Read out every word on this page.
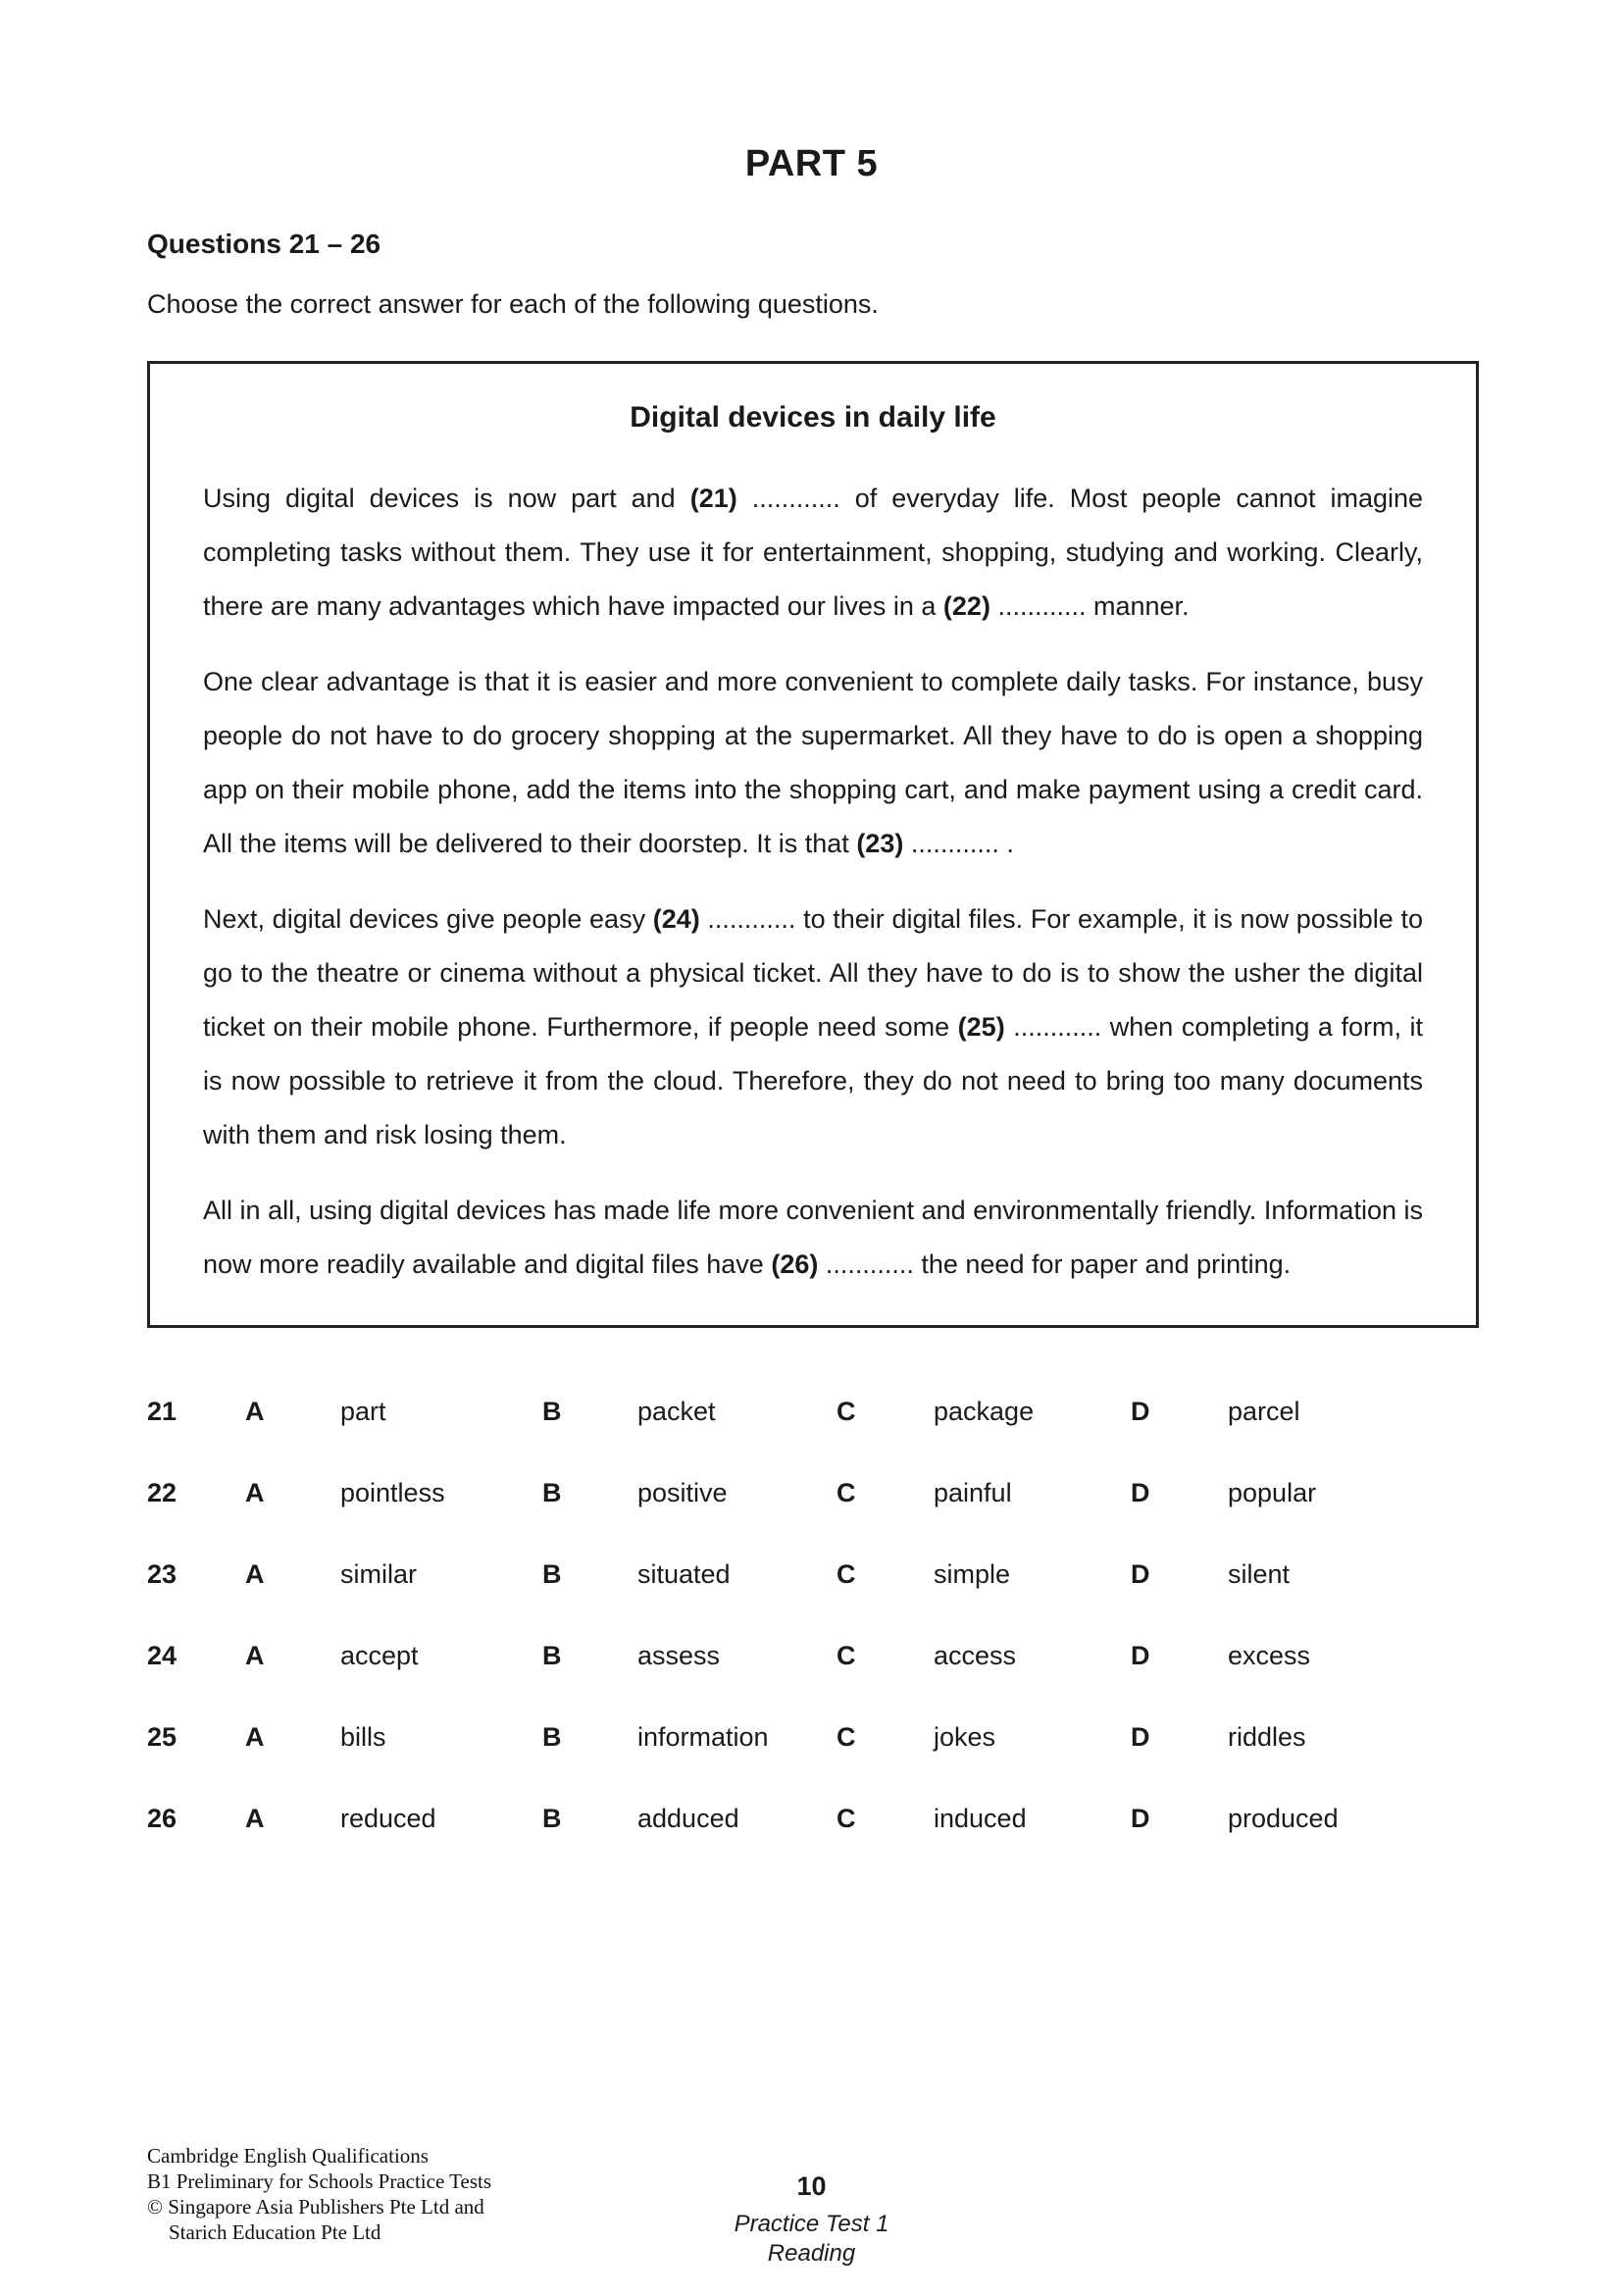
PART 5
Questions 21 – 26

Choose the correct answer for each of the following questions.

Digital devices in daily life

Using digital devices is now part and (21) ............ of everyday life. Most people cannot imagine completing tasks without them. They use it for entertainment, shopping, studying and working. Clearly, there are many advantages which have impacted our lives in a (22) ............ manner.

One clear advantage is that it is easier and more convenient to complete daily tasks. For instance, busy people do not have to do grocery shopping at the supermarket. All they have to do is open a shopping app on their mobile phone, add the items into the shopping cart, and make payment using a credit card. All the items will be delivered to their doorstep. It is that (23) ............ .

Next, digital devices give people easy (24) ............ to their digital files. For example, it is now possible to go to the theatre or cinema without a physical ticket. All they have to do is to show the usher the digital ticket on their mobile phone. Furthermore, if people need some (25) ............ when completing a form, it is now possible to retrieve it from the cloud. Therefore, they do not need to bring too many documents with them and risk losing them.

All in all, using digital devices has made life more convenient and environmentally friendly. Information is now more readily available and digital files have (26) ............ the need for paper and printing.

21	A	part	B	packet	C	package	D	parcel
22	A	pointless	B	positive	C	painful	D	popular
23	A	similar	B	situated	C	simple	D	silent
24	A	accept	B	assess	C	access	D	excess
25	A	bills	B	information	C	jokes	D	riddles
26	A	reduced	B	adduced	C	induced	D	produced
Cambridge English Qualifications
B1 Preliminary for Schools Practice Tests
© Singapore Asia Publishers Pte Ltd and
Starich Education Pte Ltd
10
Practice Test 1
Reading
